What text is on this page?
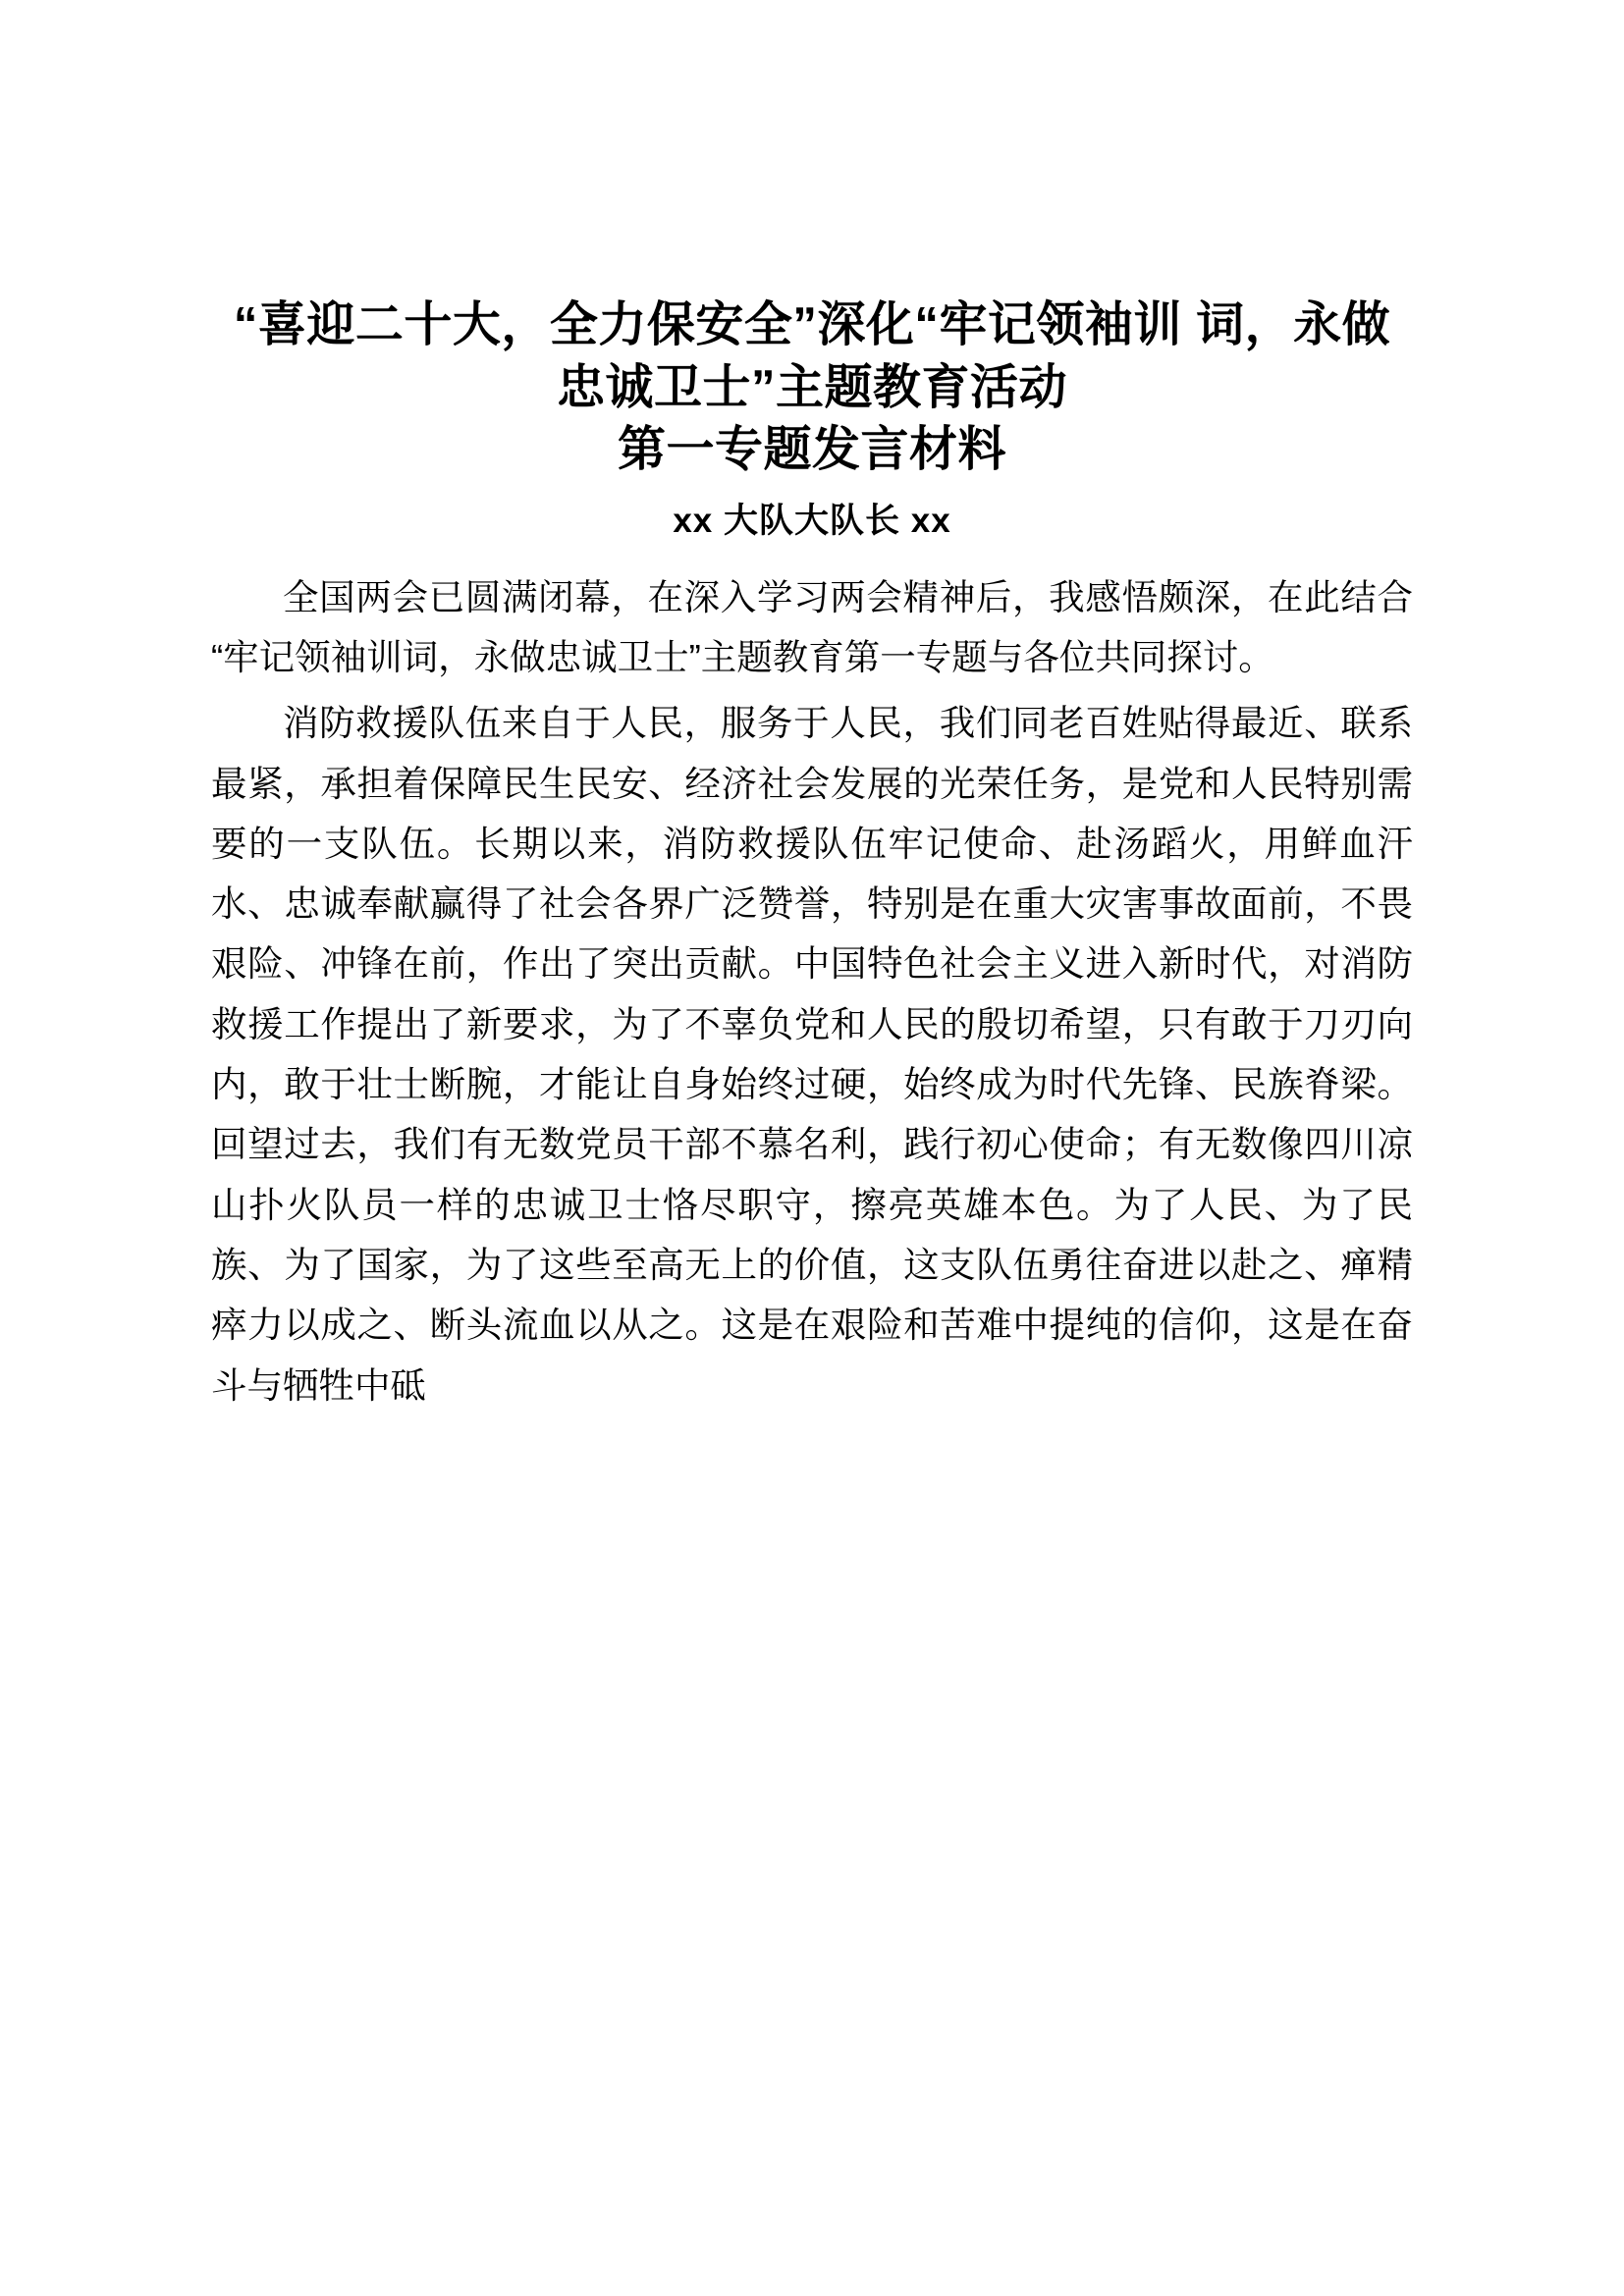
“喜迎二十大，全力保安全”深化“牢记领袖训 词，永做忠诚卫士”主题教育活动
第一专题发言材料
xx 大队大队长 xx

全国两会已圆满闭幕，在深入学习两会精神后，我感悟颇深，在此结合“牢记领袖训词，永做忠诚卫士”主题教育第一专题与各位共同探讨。

消防救援队伍来自于人民，服务于人民，我们同老百姓贴得最近、联系最紧，承担着保障民生民安、经济社会发展的光荣任务，是党和人民特别需要的一支队伍。长期以来，消防救援队伍牢记使命、赴汤蹈火，用鲜血汗水、忠诚奉献赢得了社会各界广泛赞誉，特别是在重大灾害事故面前，不畏艰险、冲锋在前，作出了突出贡献。中国特色社会主义进入新时代，对消防救援工作提出了新要求，为了不辜负党和人民的殷切希望，只有敢于刀刃向内，敢于壮士断腕，才能让自身始终过硬，始终成为时代先锋、民族脊梁。回望过去，我们有无数党员干部不慕名利，践行初心使命；有无数像四川凉山扑火队员一样的忠诚卫士恪尽职守，擦亮英雄本色。为了人民、为了民族、为了国家，为了这些至高无上的价值，这支队伍勇往奋进以赴之、瘅精瘁力以成之、断头流血以从之。这是在艰险和苦难中提纯的信仰，这是在奋斗与牺牲中砥
